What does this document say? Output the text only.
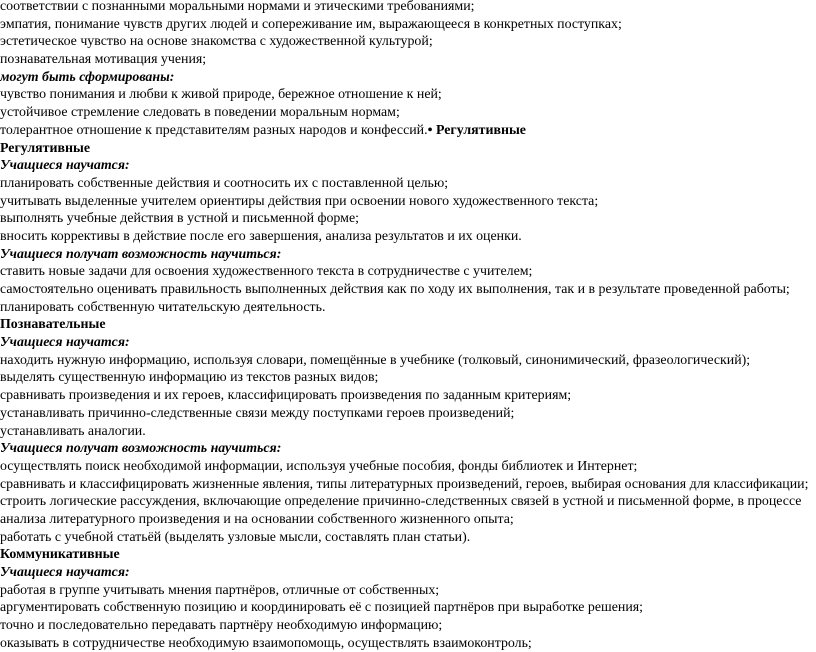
соответствии с познанными моральными нормами и этическими требованиями;
эмпатия, понимание чувств других людей и сопереживание им, выражающееся в конкретных поступках;
эстетическое чувство на основе знакомства с художественной культурой;
познавательная мотивация учения;
могут быть сформированы:
чувство понимания и любви к живой природе, бережное отношение к ней;
устойчивое стремление следовать в поведении моральным нормам;
толерантное отношение к представителям разных народов и конфессий.• Регулятивные
Регулятивные
Учащиеся научатся:
планировать собственные действия и соотносить их с поставленной целью;
учитывать выделенные учителем ориентиры действия при освоении нового художественного текста;
выполнять учебные действия в устной и письменной форме;
вносить коррективы в действие после его завершения, анализа результатов и их оценки.
Учащиеся получат возможность научиться:
ставить новые задачи для освоения художественного текста в сотрудничестве с учителем;
самостоятельно оценивать правильность выполненных действия как по ходу их выполнения, так и в результате проведенной работы;
планировать собственную читательскую деятельность.
Познавательные
Учащиеся научатся:
находить нужную информацию, используя словари, помещённые в учебнике (толковый, синонимический, фразеологический);
выделять существенную информацию из текстов разных видов;
сравнивать произведения и их героев, классифицировать произведения по заданным критериям;
устанавливать причинно-следственные связи между поступками героев произведений;
устанавливать аналогии.
Учащиеся получат возможность научиться:
осуществлять поиск необходимой информации, используя учебные пособия, фонды библиотек и Интернет;
сравнивать и классифицировать жизненные явления, типы литературных произведений, героев, выбирая основания для классификации;
строить логические рассуждения, включающие определение причинно-следственных связей в устной и письменной форме, в процессе анализа литературного произведения и на основании собственного жизненного опыта;
работать с учебной статьёй (выделять узловые мысли, составлять план статьи).
Коммуникативные
Учащиеся научатся:
работая в группе учитывать мнения партнёров, отличные от собственных;
аргументировать собственную позицию и координировать её с позицией партнёров при выработке решения;
точно и последовательно передавать партнёру необходимую информацию;
оказывать в сотрудничестве необходимую взаимопомощь, осуществлять взаимоконтроль;
